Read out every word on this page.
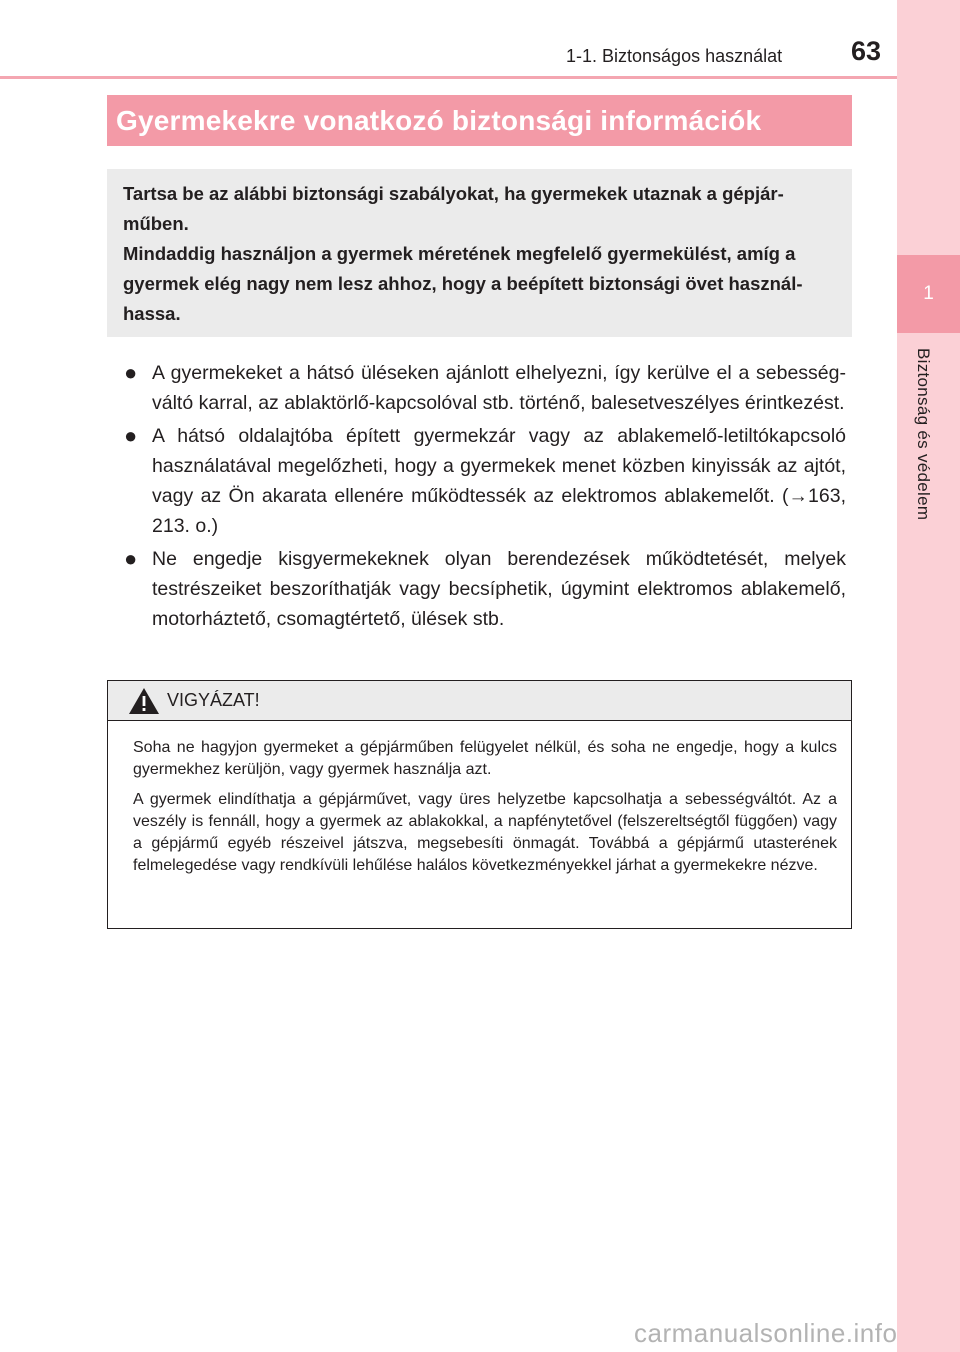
1
Biztonság és védelem
1-1. Biztonságos használat	63
Gyermekekre vonatkozó biztonsági információk

Tartsa be az alábbi biztonsági szabályokat, ha gyermekek utaznak a gépjárműben.

Mindaddig használjon a gyermek méretének megfelelő gyermekülést, amíg a gyermek elég nagy nem lesz ahhoz, hogy a beépített biztonsági övet használhassa.

● A gyermekeket a hátsó üléseken ajánlott elhelyezni, így kerülve el a sebességváltó karral, az ablaktörlő-kapcsolóval stb. történő, balesetveszélyes érintkezést.
● A hátsó oldalajtóba épített gyermekzár vagy az ablakemelő-letiltókapcsoló használatával megelőzheti, hogy a gyermekek menet közben kinyissák az ajtót, vagy az Ön akarata ellenére működtessék az elektromos ablakemelőt. (→163, 213. o.)
● Ne engedje kisgyermekeknek olyan berendezések működtetését, melyek testrészeiket beszoríthatják vagy becsíphetik, úgymint elektromos ablakemelő, motorháztető, csomagtértető, ülések stb.
VIGYÁZAT!

Soha ne hagyjon gyermeket a gépjárműben felügyelet nélkül, és soha ne engedje, hogy a kulcs gyermekhez kerüljön, vagy gyermek használja azt.

A gyermek elindíthatja a gépjárművet, vagy üres helyzetbe kapcsolhatja a sebességváltót. Az a veszély is fennáll, hogy a gyermek az ablakokkal, a napfénytetővel (felszereltségtől függően) vagy a gépjármű egyéb részeivel játszva, megsebesíti önmagát. Továbbá a gépjármű utasterének felmelegedése vagy rendkívüli lehűlése halálos következményekkel járhat a gyermekekre nézve.

carmanualsonline.info
